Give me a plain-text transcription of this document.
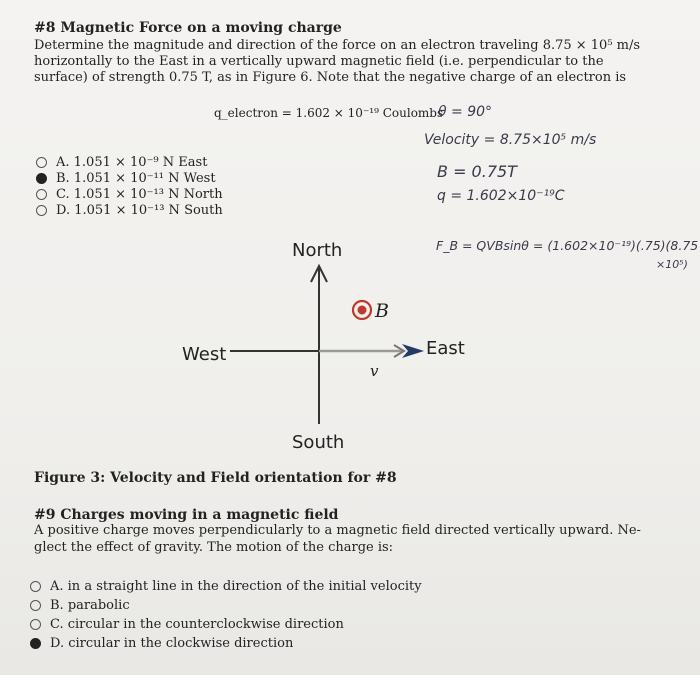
#8 Magnetic Force on a moving charge
Determine the magnitude and direction of the force on an electron traveling 8.75 × 10⁵ m/s
horizontally to the East in a vertically upward magnetic field (i.e. perpendicular to the
surface) of strength 0.75 T, as in Figure 6. Note that the negative charge of an electron is
q_electron = 1.602 × 10⁻¹⁹ Coulombs
A. 1.051 × 10⁻⁹ N East
B. 1.051 × 10⁻¹¹ N West
C. 1.051 × 10⁻¹³ N North
D. 1.051 × 10⁻¹³ N South
θ = 90°
Velocity = 8.75×10⁵ m/s
B = 0.75T
q = 1.602×10⁻¹⁹C
F_B = QVBsinθ = (1.602×10⁻¹⁹)(.75)(8.75
×10⁵)
North
South
West	East
B
v
Figure 3: Velocity and Field orientation for #8
#9 Charges moving in a magnetic field
A positive charge moves perpendicularly to a magnetic field directed vertically upward. Ne-
glect the effect of gravity. The motion of the charge is:
A. in a straight line in the direction of the initial velocity
B. parabolic
C. circular in the counterclockwise direction
D. circular in the clockwise direction
